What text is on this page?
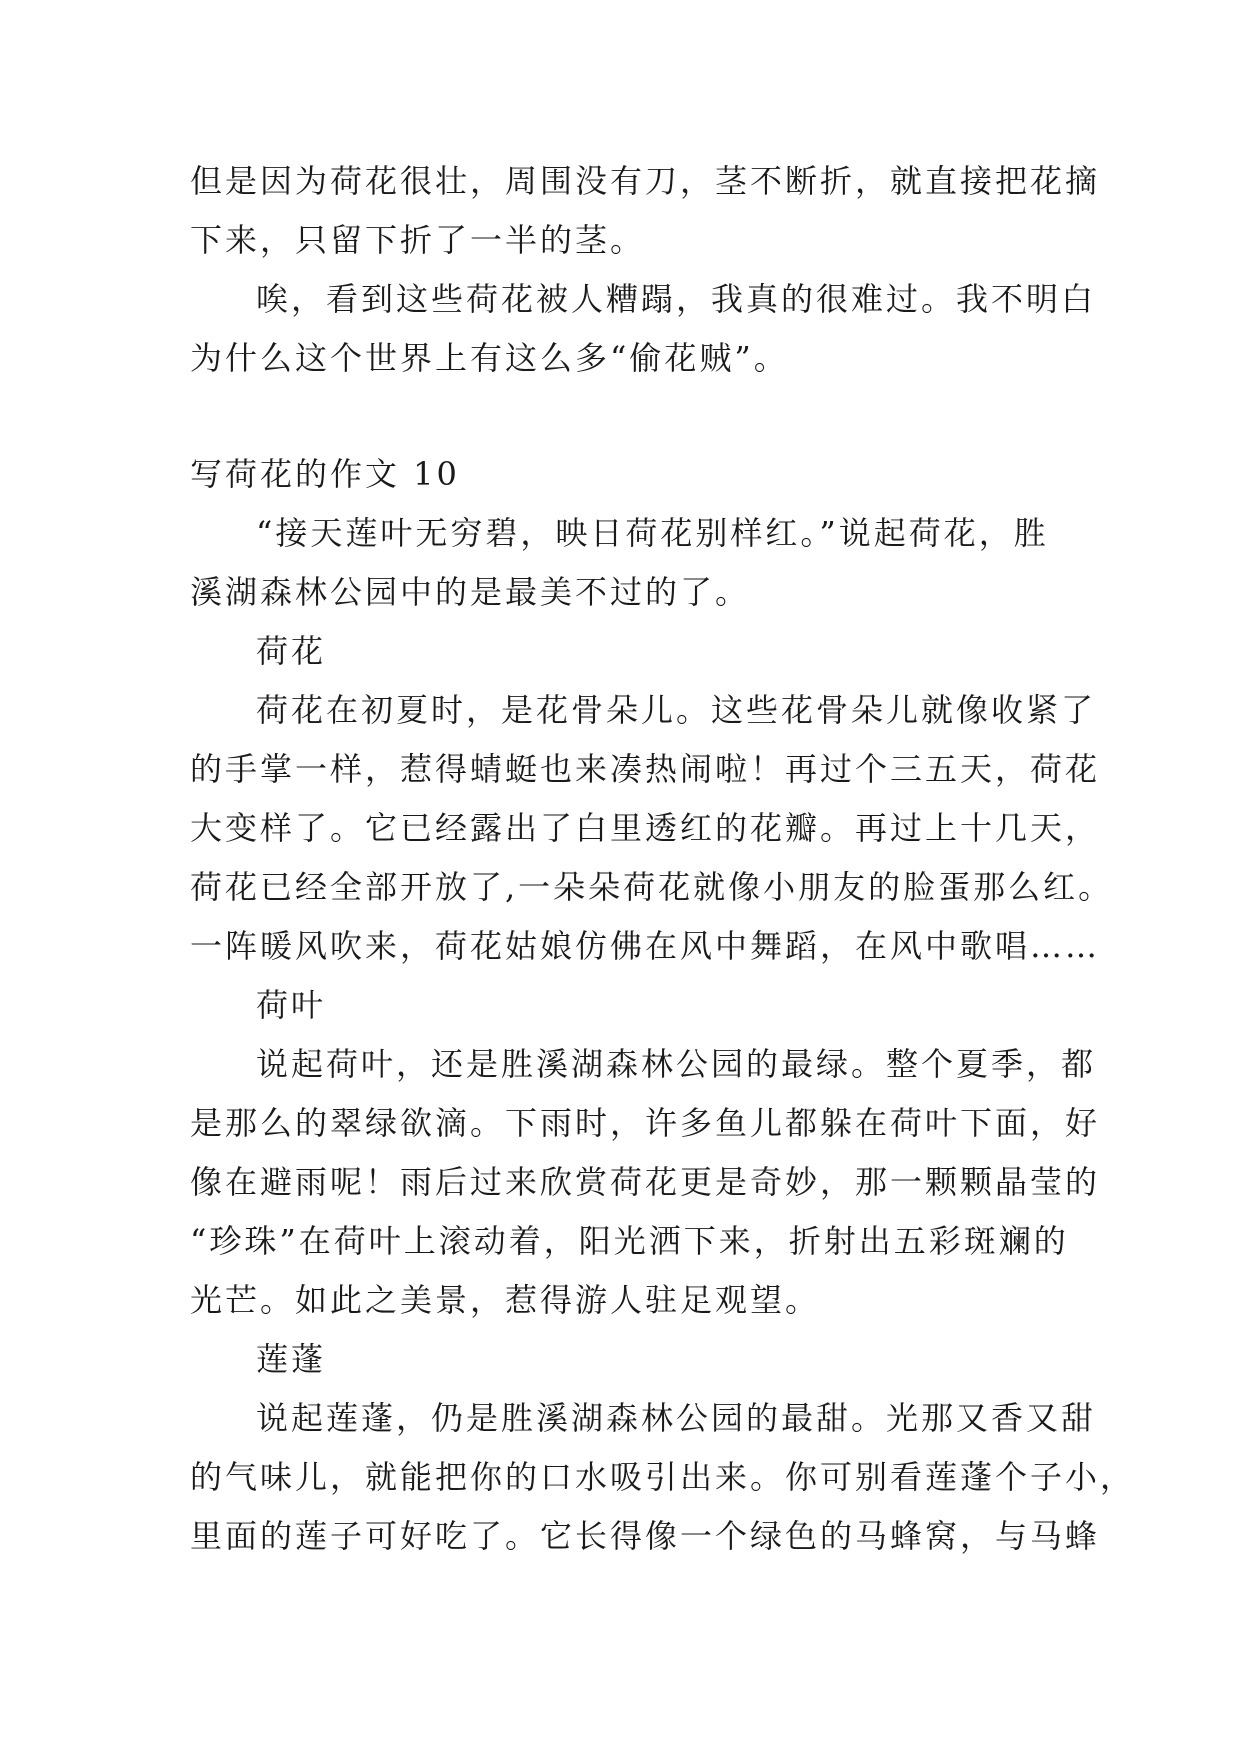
但是因为荷花很壮，周围没有刀，茎不断折，就直接把花摘

下来，只留下折了一半的茎。

唉，看到这些荷花被人糟蹋，我真的很难过。我不明白

为什么这个世界上有这么多“偷花贼”。

写荷花的作文 10

“接天莲叶无穷碧，映日荷花别样红。”说起荷花，胜

溪湖森林公园中的是最美不过的了。

荷花

荷花在初夏时，是花骨朵儿。这些花骨朵儿就像收紧了

的手掌一样，惹得蜻蜓也来凑热闹啦！再过个三五天，荷花

大变样了。它已经露出了白里透红的花瓣。再过上十几天，

荷花已经全部开放了,一朵朵荷花就像小朋友的脸蛋那么红。

一阵暖风吹来，荷花姑娘仿佛在风中舞蹈，在风中歌唱……

荷叶

说起荷叶，还是胜溪湖森林公园的最绿。整个夏季，都

是那么的翠绿欲滴。下雨时，许多鱼儿都躲在荷叶下面，好

像在避雨呢！雨后过来欣赏荷花更是奇妙，那一颗颗晶莹的

“珍珠”在荷叶上滚动着，阳光洒下来，折射出五彩斑斓的

光芒。如此之美景，惹得游人驻足观望。

莲蓬

说起莲蓬，仍是胜溪湖森林公园的最甜。光那又香又甜

的气味儿，就能把你的口水吸引出来。你可别看莲蓬个子小，

里面的莲子可好吃了。它长得像一个绿色的马蜂窝，与马蜂
